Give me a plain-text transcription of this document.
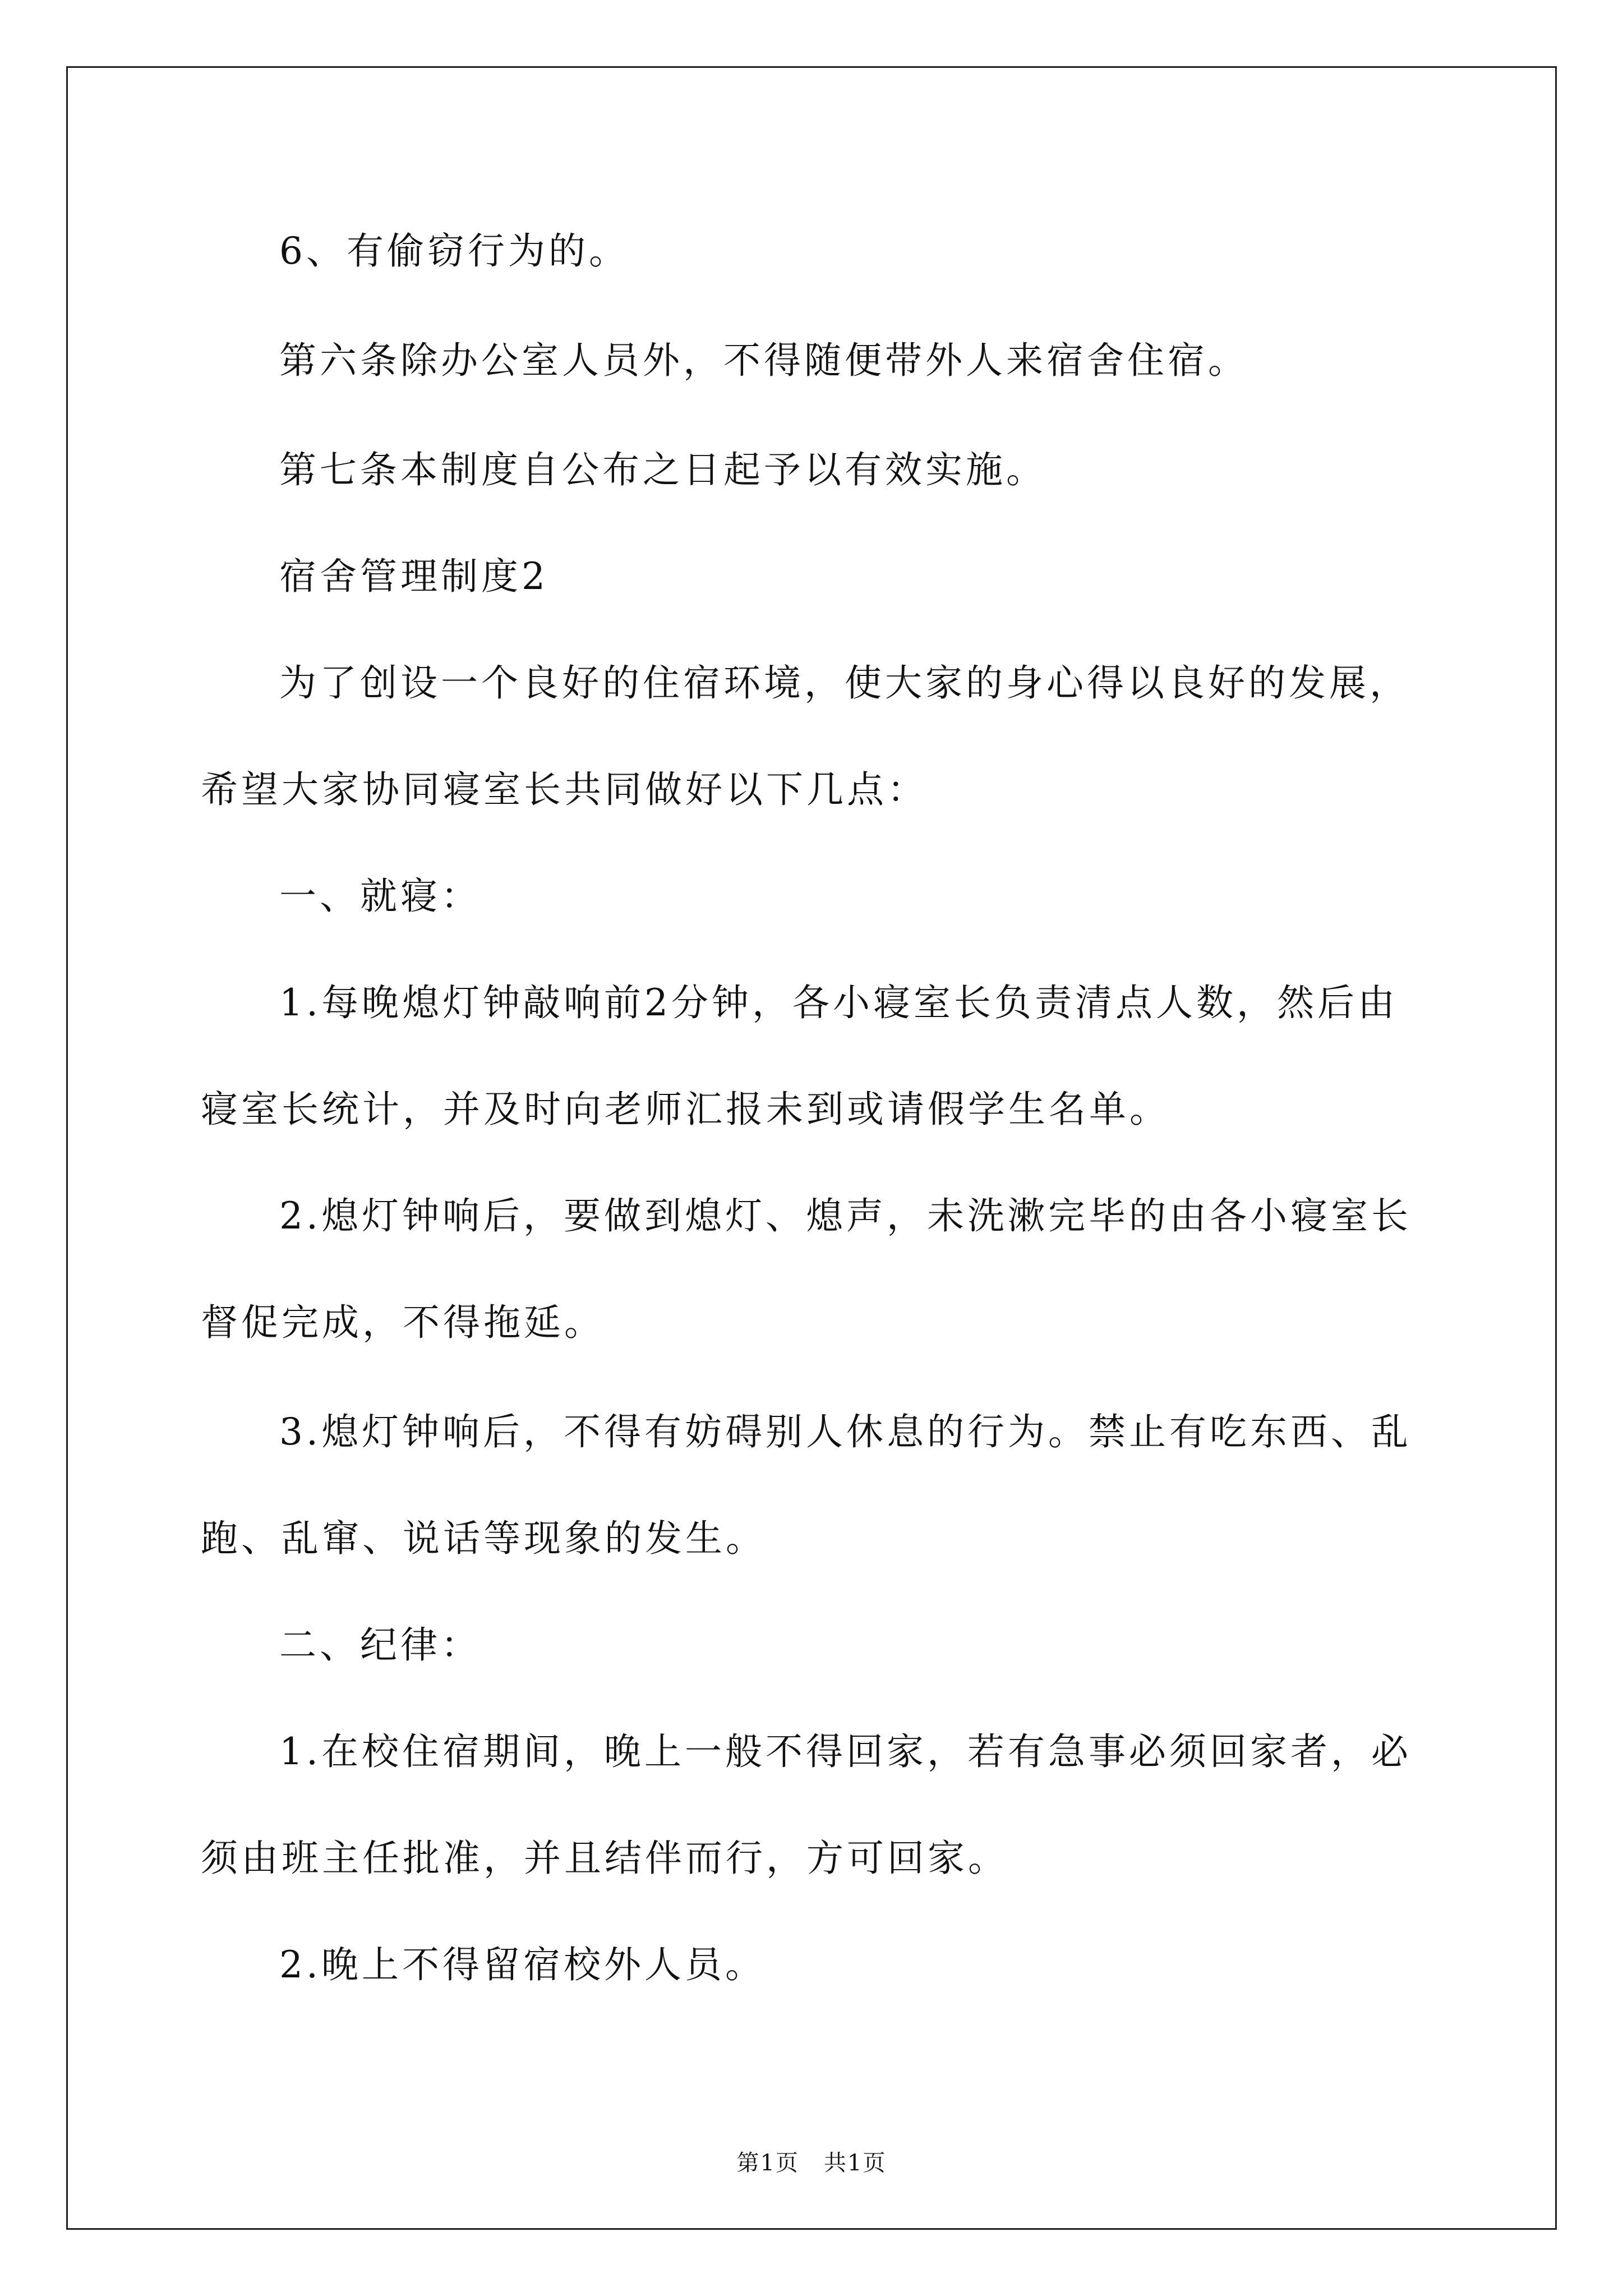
6、有偷窃行为的。

第六条除办公室人员外，不得随便带外人来宿舍住宿。

第七条本制度自公布之日起予以有效实施。

宿舍管理制度2

为了创设一个良好的住宿环境，使大家的身心得以良好的发展，

希望大家协同寝室长共同做好以下几点：

一、就寝：

1.每晚熄灯钟敲响前2分钟，各小寝室长负责清点人数，然后由

寝室长统计，并及时向老师汇报未到或请假学生名单。

2.熄灯钟响后，要做到熄灯、熄声，未洗漱完毕的由各小寝室长

督促完成，不得拖延。

3.熄灯钟响后，不得有妨碍别人休息的行为。禁止有吃东西、乱

跑、乱窜、说话等现象的发生。

二、纪律：

1.在校住宿期间，晚上一般不得回家，若有急事必须回家者，必

须由班主任批准，并且结伴而行，方可回家。

2.晚上不得留宿校外人员。

第1页   共1页
